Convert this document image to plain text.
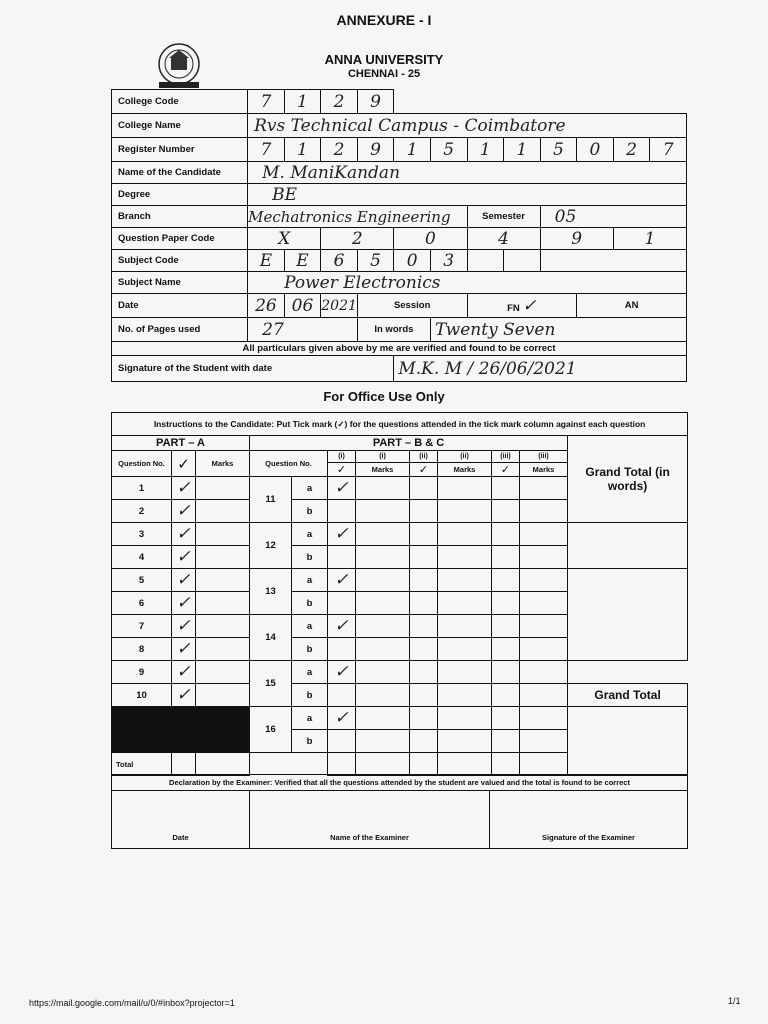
ANNEXURE - I
ANNA UNIVERSITY
CHENNAI - 25
College Code	7	1	2	9								
College Name	Rvs Technical Campus - Coimbatore											
Register Number	7	1	2	9	1	5	1	1	5	0	2	7
Name of the Candidate	M. ManiKandan											
Degree	BE											
Branch	Mechatronics Engineering						Semester		05			
Question Paper Code	X		2		0		4		9		1	
Subject Code	E	E	6	5	0	3						
Subject Name	Power Electronics											
Date	26	06	2021	Session			FN ✓			AN		
No. of Pages used	27			In words		Twenty Seven						
All particulars given above by me are verified and found to be correct												
Signature of the Student with date					M.K. M / 26/06/2021							
For Office Use Only
Instructions to the Candidate: Put Tick mark (✓) for the questions attended in the tick mark column against each question												
PART – A			PART – B & C								Grand Total (in words)	
Question No.	✓	Marks	Question No.		(i)	(i)	(ii)	(ii)	(iii)	(iii)		
					✓	Marks	✓	Marks	✓	Marks		
1	✓		11	a	✓							
2	✓			b								
3	✓		12	a	✓							
4	✓			b								
5	✓		13	a	✓							
6	✓			b								
7	✓		14	a	✓							
8	✓			b								
9	✓		15	a	✓							
10	✓			b							Grand Total	
			16	a	✓							
				b								
Total												
Declaration by the Examiner: Verified that all the questions attended by the student are valued and the total is found to be correct
Date	Name of the Examiner	Signature of the Examiner
https://mail.google.com/mail/u/0/#inbox?projector=1	1/1
